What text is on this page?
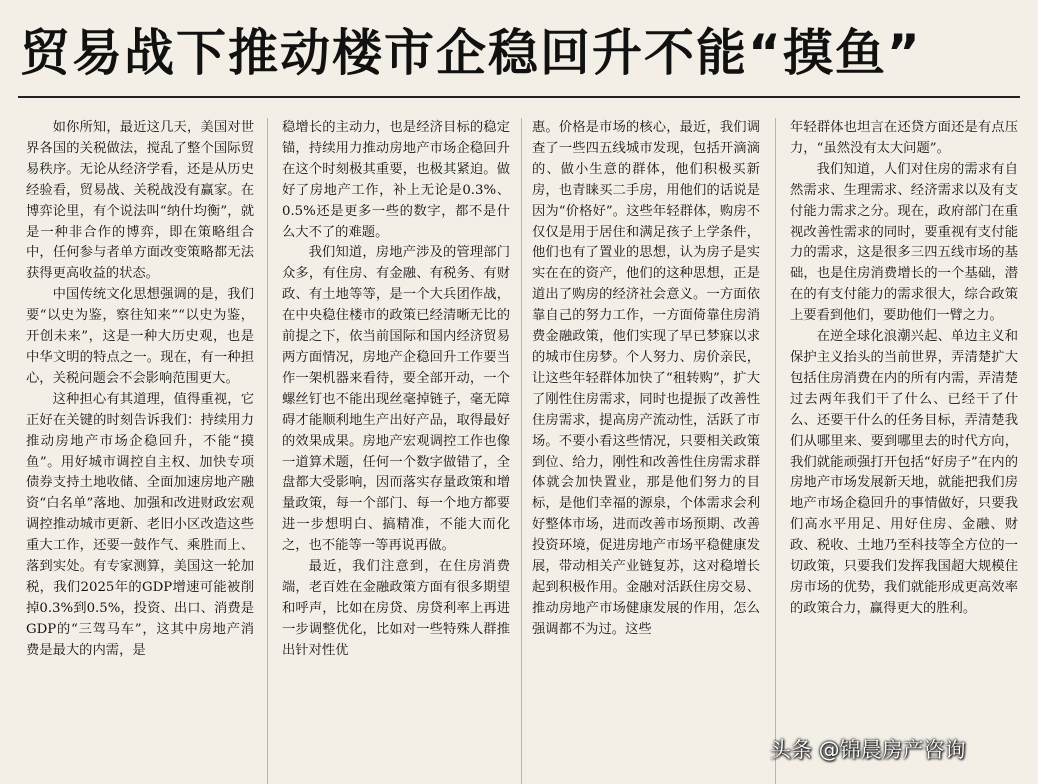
贸易战下推动楼市企稳回升不能“摸鱼”

如你所知，最近这几天，美国对世界各国的关税做法，搅乱了整个国际贸易秩序。无论从经济学看，还是从历史经验看，贸易战、关税战没有赢家。在博弈论里，有个说法叫“纳什均衡”，就是一种非合作的博弈，即在策略组合中，任何参与者单方面改变策略都无法获得更高收益的状态。

中国传统文化思想强调的是，我们要“以史为鉴，察往知来”“以史为鉴，开创未来”，这是一种大历史观，也是中华文明的特点之一。现在，有一种担心，关税问题会不会影响范围更大。

这种担心有其道理，值得重视，它正好在关键的时刻告诉我们：持续用力推动房地产市场企稳回升，不能“摸鱼”。用好城市调控自主权、加快专项债券支持土地收储、全面加速房地产融资“白名单”落地、加强和改进财政宏观调控推动城市更新、老旧小区改造这些重大工作，还要一鼓作气、乘胜而上、落到实处。有专家测算，美国这一轮加税，我们2025年的GDP增速可能被削掉0.3%到0.5%，投资、出口、消费是GDP的“三驾马车”，这其中房地产消费是最大的内需，是

稳增长的主动力，也是经济目标的稳定锚，持续用力推动房地产市场企稳回升在这个时刻极其重要，也极其紧迫。做好了房地产工作，补上无论是0.3%、0.5%还是更多一些的数字，都不是什么大不了的难题。

我们知道，房地产涉及的管理部门众多，有住房、有金融、有税务、有财政、有土地等等，是一个大兵团作战，在中央稳住楼市的政策已经清晰无比的前提之下，依当前国际和国内经济贸易两方面情况，房地产企稳回升工作要当作一架机器来看待，要全部开动，一个螺丝钉也不能出现丝毫掉链子，毫无障碍才能顺利地生产出好产品，取得最好的效果成果。房地产宏观调控工作也像一道算术题，任何一个数字做错了，全盘都大受影响，因而落实存量政策和增量政策，每一个部门、每一个地方都要进一步想明白、搞精准，不能大而化之，也不能等一等再说再做。

最近，我们注意到，在住房消费端，老百姓在金融政策方面有很多期望和呼声，比如在房贷、房贷利率上再进一步调整优化，比如对一些特殊人群推出针对性优

惠。价格是市场的核心，最近，我们调查了一些四五线城市发现，包括开滴滴的、做小生意的群体，他们积极买新房，也青睐买二手房，用他们的话说是因为“价格好”。这些年轻群体，购房不仅仅是用于居住和满足孩子上学条件，他们也有了置业的思想，认为房子是实实在在的资产，他们的这种思想，正是道出了购房的经济社会意义。一方面依靠自己的努力工作，一方面倚靠住房消费金融政策，他们实现了早已梦寐以求的城市住房梦。个人努力、房价亲民，让这些年轻群体加快了“租转购”，扩大了刚性住房需求，同时也提振了改善性住房需求，提高房产流动性，活跃了市场。不要小看这些情况，只要相关政策到位、给力，刚性和改善性住房需求群体就会加快置业，那是他们努力的目标，是他们幸福的源泉，个体需求会利好整体市场，进而改善市场预期、改善投资环境，促进房地产市场平稳健康发展，带动相关产业链复苏，这对稳增长起到积极作用。金融对活跃住房交易、推动房地产市场健康发展的作用，怎么强调都不为过。这些

年轻群体也坦言在还贷方面还是有点压力，“虽然没有太大问题”。

我们知道，人们对住房的需求有自然需求、生理需求、经济需求以及有支付能力需求之分。现在，政府部门在重视改善性需求的同时，要重视有支付能力的需求，这是很多三四五线市场的基础，也是住房消费增长的一个基础，潜在的有支付能力的需求很大，综合政策上要看到他们，要助他们一臂之力。

在逆全球化浪潮兴起、单边主义和保护主义抬头的当前世界，弄清楚扩大包括住房消费在内的所有内需，弄清楚过去两年我们干了什么、已经干了什么、还要干什么的任务目标，弄清楚我们从哪里来、要到哪里去的时代方向，我们就能顽强打开包括“好房子”在内的房地产市场发展新天地，就能把我们房地产市场企稳回升的事情做好，只要我们高水平用足、用好住房、金融、财政、税收、土地乃至科技等全方位的一切政策，只要我们发挥我国超大规模住房市场的优势，我们就能形成更高效率的政策合力，赢得更大的胜利。

头条 @锦晨房产咨询
